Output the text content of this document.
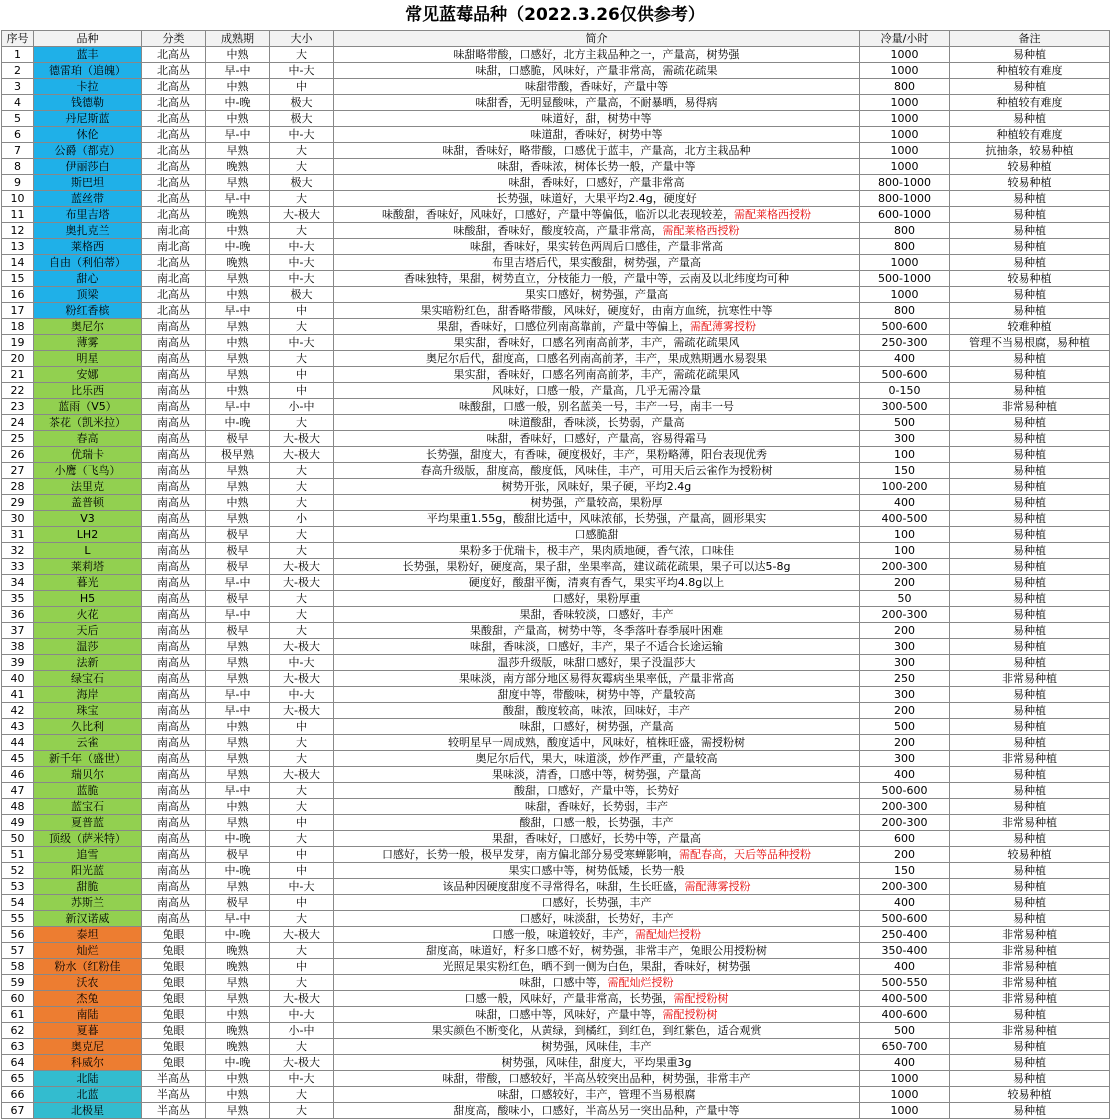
常见蓝莓品种（2022.3.26仅供参考）
序号	品种	分类	成熟期	大小	简介	冷量/小时	备注
1	蓝丰	北高丛	中熟	大	味甜略带酸，口感好，北方主栽品种之一，产量高，树势强	1000	易种植
2	德雷珀（追魄）	北高丛	早-中	中-大	味甜，口感脆，风味好，产量非常高，需疏花疏果	1000	种植较有难度
3	卡拉	北高丛	中熟	中	味甜带酸，香味好，产量中等	800	易种植
4	钱德勒	北高丛	中-晚	极大	味甜香，无明显酸味，产量高，不耐暴晒，易得病	1000	种植较有难度
5	丹尼斯蓝	北高丛	中熟	极大	味道好，甜，树势中等	1000	易种植
6	休伦	北高丛	早-中	中-大	味道甜，香味好，树势中等	1000	种植较有难度
7	公爵（都克）	北高丛	早熟	大	味甜，香味好，略带酸，口感优于蓝丰，产量高，北方主栽品种	1000	抗抽条，较易种植
8	伊丽莎白	北高丛	晚熟	大	味甜，香味浓，树体长势一般，产量中等	1000	较易种植
9	斯巴坦	北高丛	早熟	极大	味甜，香味好，口感好，产量非常高	800-1000	较易种植
10	蓝丝带	北高丛	早-中	大	长势强，味道好，大果平均2.4g，硬度好	800-1000	易种植
11	布里吉塔	北高丛	晚熟	大-极大	味酸甜，香味好，风味好，口感好，产量中等偏低，临沂以北表现较差，需配莱格西授粉	600-1000	易种植
12	奥扎克兰	南北高	中熟	大	味酸甜，香味好，酸度较高，产量非常高，需配莱格西授粉	800	易种植
13	莱格西	南北高	中-晚	中-大	味甜，香味好，果实转色两周后口感佳，产量非常高	800	易种植
14	自由（利伯蒂）	北高丛	晚熟	中-大	布里吉塔后代，果实酸甜，树势强，产量高	1000	易种植
15	甜心	南北高	早熟	中-大	香味独特，果甜，树势直立，分枝能力一般，产量中等，云南及以北纬度均可种	500-1000	较易种植
16	顶梁	北高丛	中熟	极大	果实口感好，树势强，产量高	1000	易种植
17	粉红香槟	北高丛	早-中	中	果实暗粉红色，甜香略带酸，风味好，硬度好，由南方血统，抗寒性中等	800	易种植
18	奥尼尔	南高丛	早熟	大	果甜，香味好，口感位列南高靠前，产量中等偏上，需配薄雾授粉	500-600	较难种植
19	薄雾	南高丛	中熟	中-大	果实甜，香味好，口感名列南高前茅，丰产，需疏花疏果风	250-300	管理不当易根腐，易种植
20	明星	南高丛	早熟	大	奥尼尔后代，甜度高，口感名列南高前茅，丰产，果成熟期遇水易裂果	400	易种植
21	安娜	南高丛	早熟	中	果实甜，香味好，口感名列南高前茅，丰产，需疏花疏果风	500-600	易种植
22	比乐西	南高丛	中熟	中	风味好，口感一般，产量高，几乎无需冷量	0-150	易种植
23	蓝雨（V5）	南高丛	早-中	小-中	味酸甜，口感一般，别名蓝美一号，丰产一号，南丰一号	300-500	非常易种植
24	茶花（凯米拉）	南高丛	中-晚	大	味道酸甜，香味淡，长势弱，产量高	500	易种植
25	春高	南高丛	极早	大-极大	味甜，香味好，口感好，产量高，容易得霜马	300	易种植
26	优瑞卡	南高丛	极早熟	大-极大	长势强，甜度大，有香味，硬度极好，丰产，果粉略薄，阳台表现优秀	100	易种植
27	小鹰（飞鸟）	南高丛	早熟	大	春高升级版，甜度高，酸度低，风味佳，丰产，可用天后云雀作为授粉树	150	易种植
28	法里克	南高丛	早熟	大	树势开张，风味好，果子硬，平均2.4g	100-200	易种植
29	盖普顿	南高丛	中熟	大	树势强，产量较高，果粉厚	400	易种植
30	V3	南高丛	早熟	小	平均果重1.55g，酸甜比适中，风味浓郁，长势强，产量高，圆形果实	400-500	易种植
31	LH2	南高丛	极早	大	口感脆甜	100	易种植
32	L	南高丛	极早	大	果粉多于优瑞卡，极丰产，果肉质地硬，香气浓，口味佳	100	易种植
33	莱莉塔	南高丛	极早	大-极大	长势强，果粉好，硬度高，果子甜，坐果率高，建议疏花疏果，果子可以达5-8g	200-300	易种植
34	暮光	南高丛	早-中	大-极大	硬度好，酸甜平衡，清爽有香气，果实平均4.8g以上	200	易种植
35	H5	南高丛	极早	大	口感好，果粉厚重	50	易种植
36	火花	南高丛	早-中	大	果甜，香味较淡，口感好，丰产	200-300	易种植
37	天后	南高丛	极早	大	果酸甜，产量高，树势中等，冬季落叶春季展叶困难	200	易种植
38	温莎	南高丛	早熟	大-极大	味甜，香味淡，口感好，丰产，果子不适合长途运输	300	易种植
39	法新	南高丛	早熟	中-大	温莎升级版，味甜口感好，果子没温莎大	300	易种植
40	绿宝石	南高丛	早熟	大-极大	果味淡，南方部分地区易得灰霉病坐果率低，产量非常高	250	非常易种植
41	海岸	南高丛	早-中	中-大	甜度中等，带酸味，树势中等，产量较高	300	易种植
42	珠宝	南高丛	早-中	大-极大	酸甜，酸度较高，味浓，回味好，丰产	200	易种植
43	久比利	南高丛	中熟	中	味甜，口感好，树势强，产量高	500	易种植
44	云雀	南高丛	早熟	大	较明星早一周成熟，酸度适中，风味好，植株旺盛，需授粉树	200	易种植
45	新千年（盛世）	南高丛	早熟	大	奥尼尔后代，果大，味道淡，炒作严重，产量较高	300	非常易种植
46	瑞贝尔	南高丛	早熟	大-极大	果味淡，清香，口感中等，树势强，产量高	400	易种植
47	蓝脆	南高丛	早-中	大	酸甜，口感好，产量中等，长势好	500-600	易种植
48	蓝宝石	南高丛	中熟	大	味甜，香味好，长势弱，丰产	200-300	易种植
49	夏普蓝	南高丛	早熟	中	酸甜，口感一般，长势强，丰产	200-300	非常易种植
50	顶级（萨米特）	南高丛	中-晚	大	果甜，香味好，口感好，长势中等，产量高	600	易种植
51	追雪	南高丛	极早	中	口感好，长势一般，极早发芽，南方偏北部分易受寒蝉影响，需配春高，天后等品种授粉	200	较易种植
52	阳光蓝	南高丛	中-晚	中	果实口感中等，树势低矮，长势一般	150	易种植
53	甜脆	南高丛	早熟	中-大	该品种因硬度甜度不寻常得名，味甜，生长旺盛，需配薄雾授粉	200-300	易种植
54	苏斯兰	南高丛	极早	中	口感好，长势强，丰产	400	易种植
55	新汉诺威	南高丛	早-中	大	口感好，味淡甜，长势好，丰产	500-600	易种植
56	泰坦	兔眼	中-晚	大-极大	口感一般，味道较好，丰产，需配灿烂授粉	250-400	非常易种植
57	灿烂	兔眼	晚熟	大	甜度高，味道好，籽多口感不好，树势强，非常丰产，兔眼公用授粉树	350-400	非常易种植
58	粉水（红粉佳	兔眼	晚熟	中	光照足果实粉红色，晒不到一侧为白色，果甜，香味好，树势强	400	非常易种植
59	沃农	兔眼	早熟	大	味甜，口感中等，需配灿烂授粉	500-550	非常易种植
60	杰兔	兔眼	早熟	大-极大	口感一般，风味好，产量非常高，长势强，需配授粉树	400-500	非常易种植
61	南陆	兔眼	中熟	中-大	味甜，口感中等，风味好，产量中等，需配授粉树	400-600	易种植
62	夏暮	兔眼	晚熟	小-中	果实颜色不断变化，从黄绿，到橘红，到红色，到红紫色，适合观赏	500	非常易种植
63	奥克尼	兔眼	晚熟	大	树势强，风味佳，丰产	650-700	易种植
64	科威尔	兔眼	中-晚	大-极大	树势强，风味佳，甜度大，平均果重3g	400	易种植
65	北陆	半高丛	中熟	中-大	味甜，带酸，口感较好，半高丛较突出品种，树势强，非常丰产	1000	易种植
66	北蓝	半高丛	中熟	大	味甜，口感较好，丰产，管理不当易根腐	1000	较易种植
67	北极星	半高丛	早熟	大	甜度高，酸味小，口感好，半高丛另一突出品种，产量中等	1000	易种植
